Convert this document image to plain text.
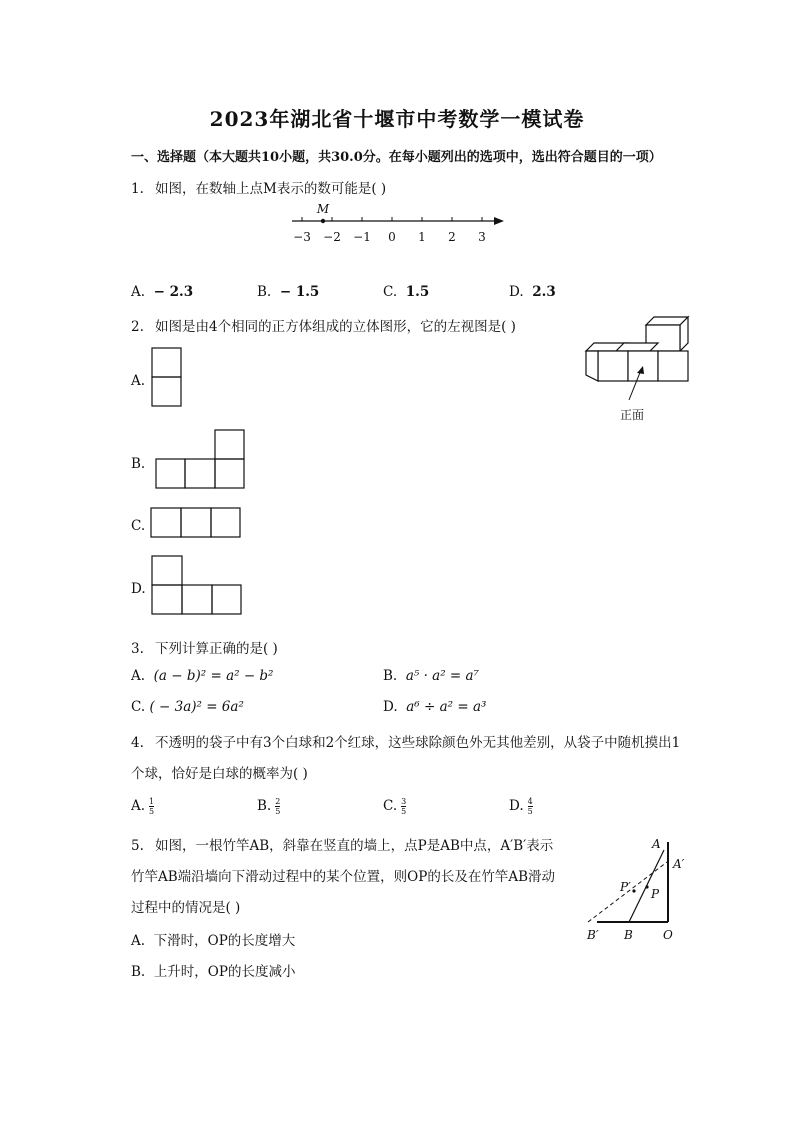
2023年湖北省十堰市中考数学一模试卷
一、选择题（本大题共10小题，共30.0分。在每小题列出的选项中，选出符合题目的一项）
1. 如图，在数轴上点M表示的数可能是( )
−3 −2 −1 0 1 2 3
M
A. − 2.3	B. − 1.5	C. 1.5	D. 2.3
2. 如图是由4个相同的正方体组成的立体图形，它的左视图是( )
正面
A.
B.
C.
D.
3. 下列计算正确的是( )
A. (a − b)² = a² − b²	B. a⁵ · a² = a⁷
C. ( − 3a)² = 6a²	D. a⁶ ÷ a² = a³
4. 不透明的袋子中有3个白球和2个红球，这些球除颜色外无其他差别，从袋子中随机摸出1
个球，恰好是白球的概率为( )
A. $\frac{1}{5}$	B. $\frac{2}{5}$	C. $\frac{3}{5}$	D. $\frac{4}{5}$
5. 如图，一根竹竿AB，斜靠在竖直的墙上，点P是AB中点，A′B′表示
竹竿AB端沿墙向下滑动过程中的某个位置，则OP的长及在竹竿AB滑动
过程中的情况是( )
A
A′
P
P′
B′ B	O
A. 下滑时，OP的长度增大
B. 上升时，OP的长度减小
